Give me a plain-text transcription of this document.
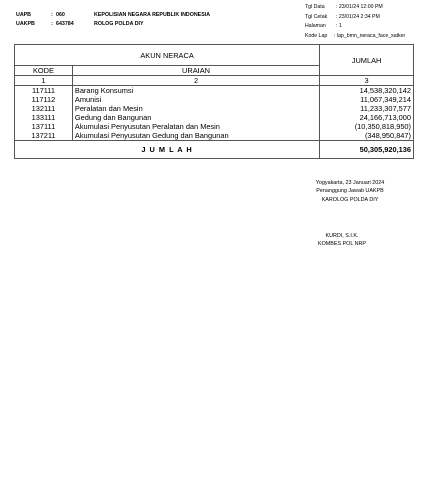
UAPB	: 060	KEPOLISIAN NEGARA REPUBLIK INDONESIA
UAKPB	: 643784	ROLOG POLDA DIY
Tgl Data : 23/01/24 12:00 PM
Tgl Cetak : 23/01/24 2:34 PM
Halaman : 1
Kode Lap : lap_bmn_neraca_face_satker
AKUN NERACA		JUMLAH
KODE	URAIAN	
1	2	3
117111	Barang Konsumsi	14,538,320,142
117112	Amunisi	11,067,349,214
132111	Peralatan dan Mesin	11,233,307,577
133111	Gedung dan Bangunan	24,166,713,000
137111	Akumulasi Penyusutan Peralatan dan Mesin	(10,350,818,950)
137211	Akumulasi Penyusutan Gedung dan Bangunan	(348,950,847)
J U M L A H		50,305,920,136
Yogyakarta, 23 Januari 2024
Penanggung Jawab UAKPB
KAROLOG POLDA DIY
KURDI, S.I.K.
KOMBES POL NRP
